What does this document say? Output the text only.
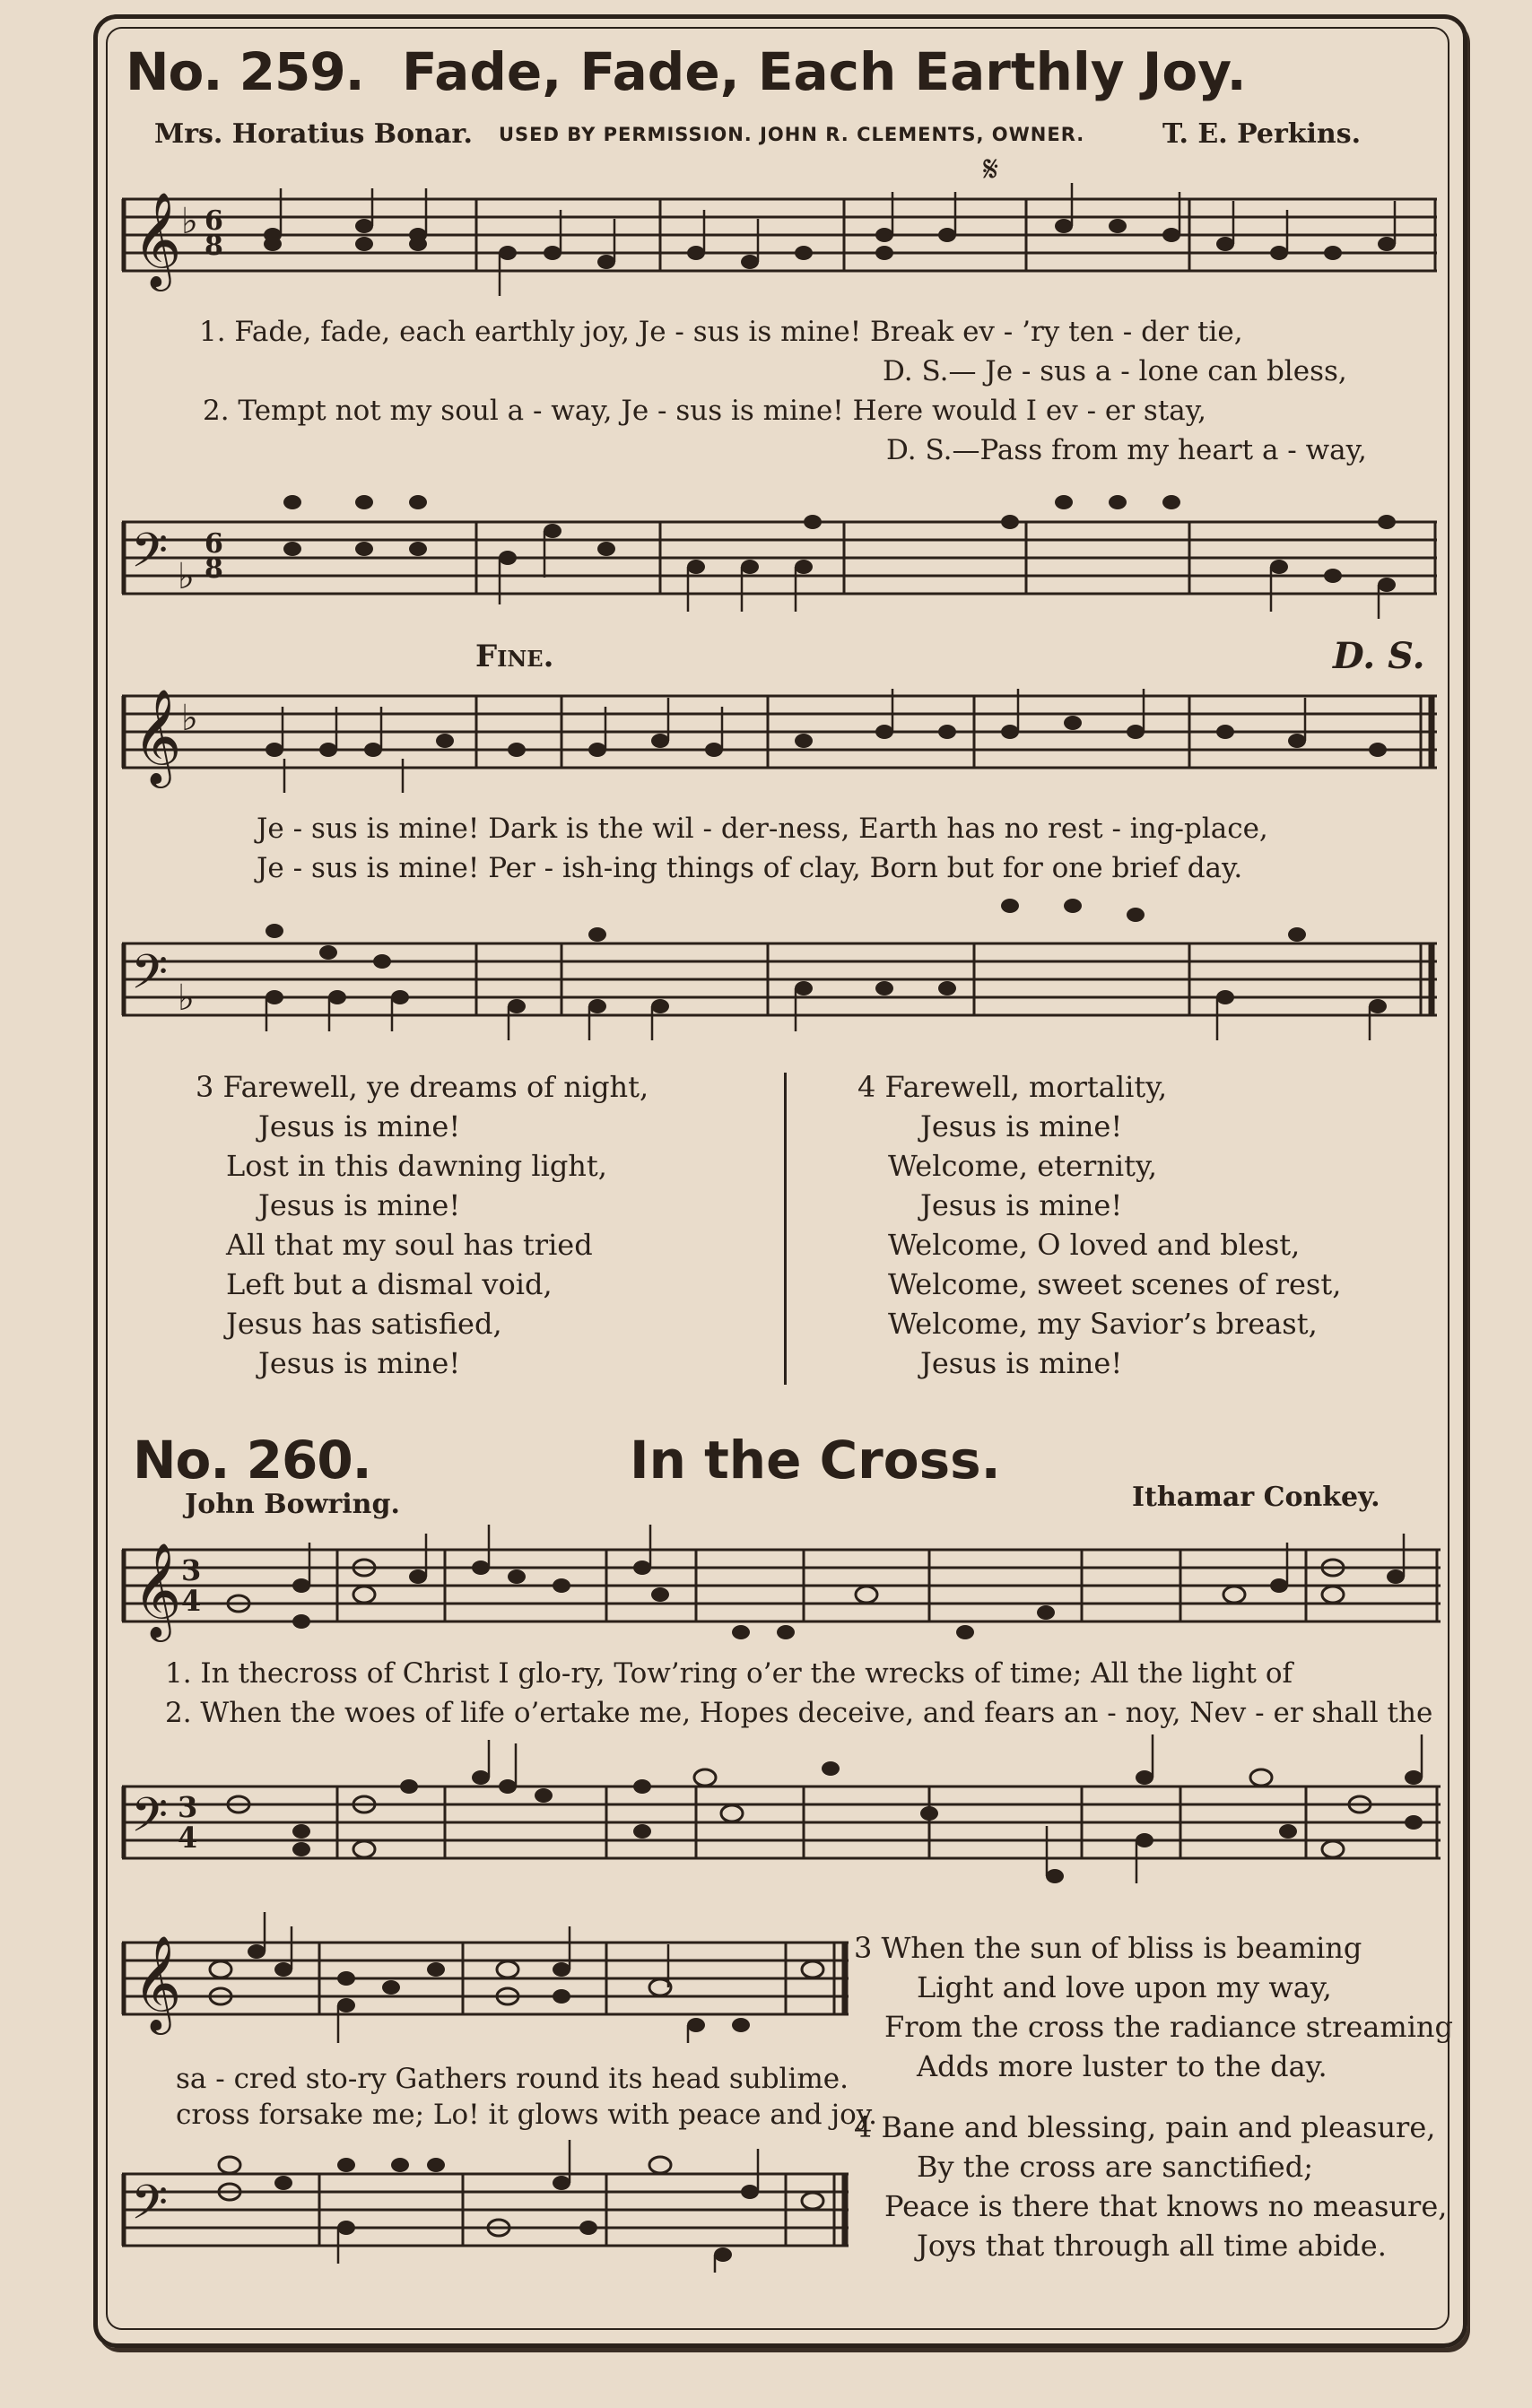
No. 259. Fade, Fade, Each Earthly Joy.
Mrs. Horatius Bonar. USED BY PERMISSION. JOHN R. CLEMENTS, OWNER.	T. E. Perkins.
𝄋
𝄞 ♭ 6
8
1. Fade, fade, each earthly joy, Je - sus is mine! Break ev - ’ry ten - der tie,
D. S.— Je - sus a - lone can bless,
2. Tempt not my soul a - way, Je - sus is mine! Here would I ev - er stay,
D. S.—Pass from my heart a - way,
𝄢 ♭
6
8
Fine.	D. S.
𝄞 ♭
Je - sus is mine! Dark is the wil - der-ness, Earth has no rest - ing-place,
Je - sus is mine! Per - ish-ing things of clay, Born but for one brief day.
𝄢 ♭
3 Farewell, ye dreams of night,
Jesus is mine!
Lost in this dawning light,
Jesus is mine!
All that my soul has tried
Left but a dismal void,
Jesus has satisfied,
Jesus is mine!
4 Farewell, mortality,
Jesus is mine!
Welcome, eternity,
Jesus is mine!
Welcome, O loved and blest,
Welcome, sweet scenes of rest,
Welcome, my Savior’s breast,
Jesus is mine!
No. 260.	In the Cross.
John Bowring.	Ithamar Conkey.
𝄞 3
4
1. In thecross of Christ I glo-ry, Tow’ring o’er the wrecks of time; All the light of
2. When the woes of life o’ertake me, Hopes deceive, and fears an - noy, Nev - er shall the
𝄢 3
4
𝄞
sa - cred sto-ry Gathers round its head sublime.
cross forsake me; Lo! it glows with peace and joy.
𝄢
3 When the sun of bliss is beaming
Light and love upon my way,
From the cross the radiance streaming
Adds more luster to the day.
4 Bane and blessing, pain and pleasure,
By the cross are sanctified;
Peace is there that knows no measure,
Joys that through all time abide.
